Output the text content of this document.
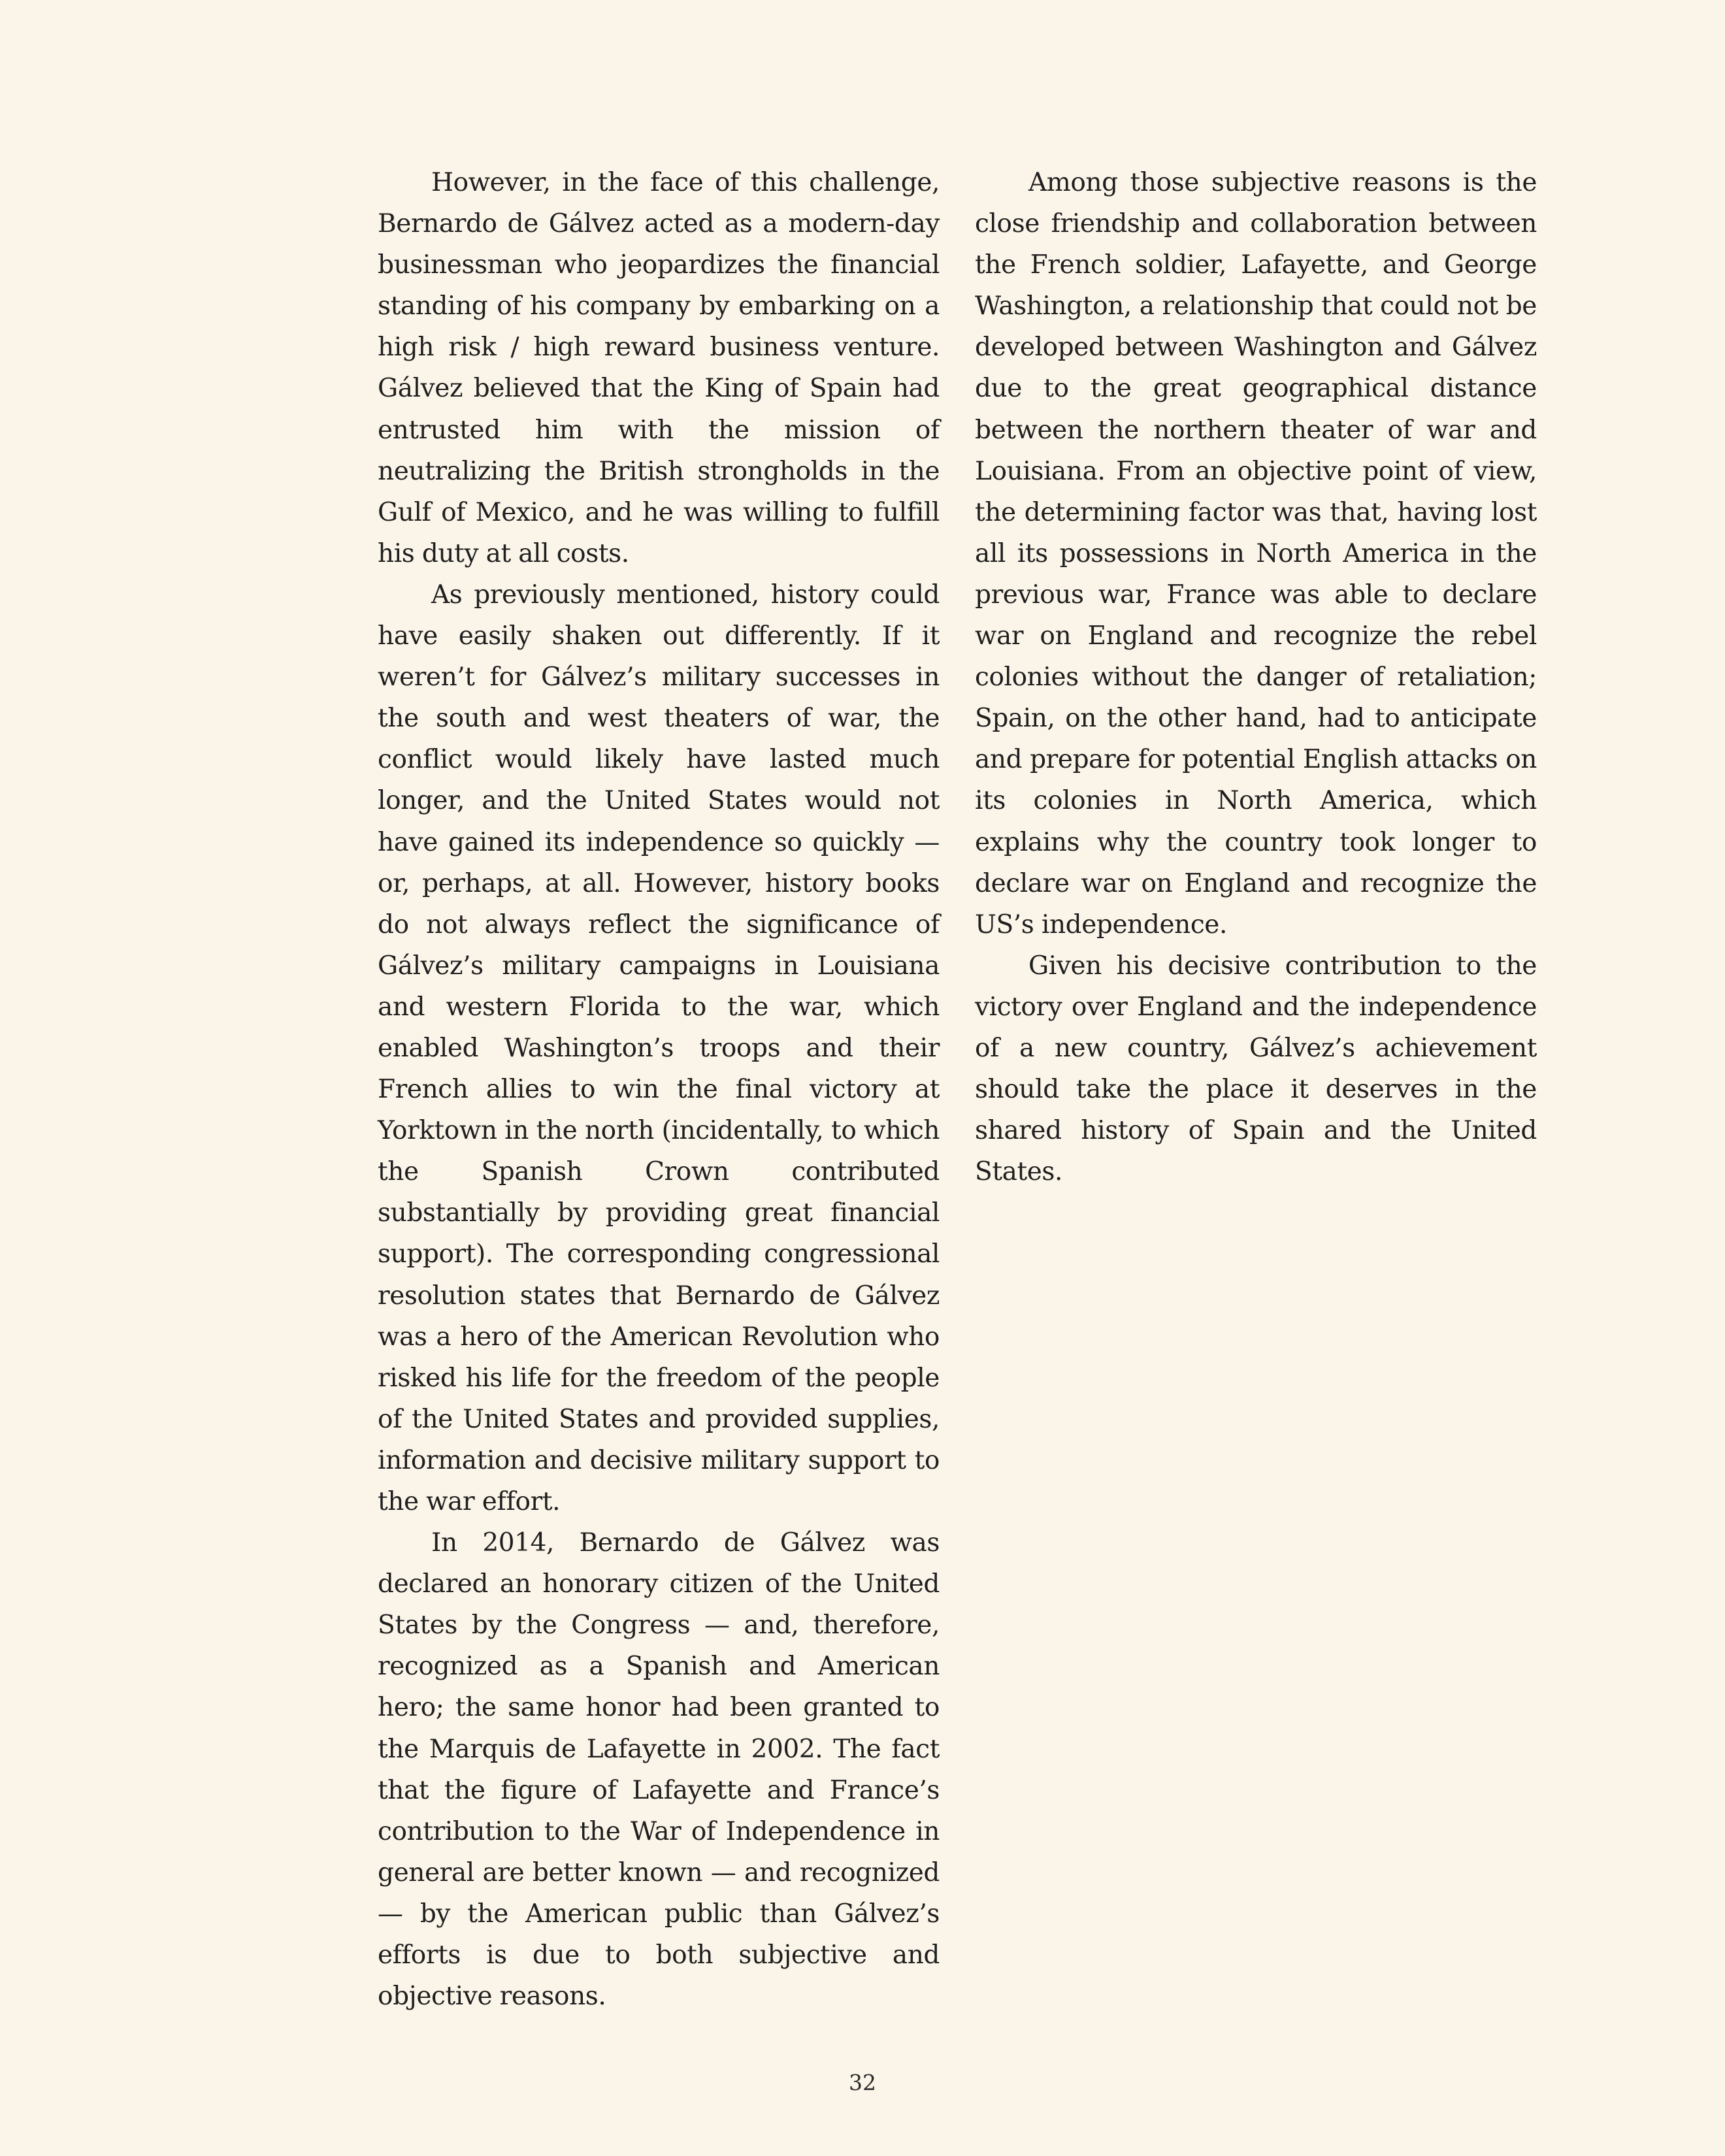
However, in the face of this challenge, Bernardo de Gálvez acted as a modern-day businessman who jeopardizes the financial standing of his company by embarking on a high risk / high reward business venture. Gálvez believed that the King of Spain had entrusted him with the mission of neutralizing the British strongholds in the Gulf of Mexico, and he was willing to fulfill his duty at all costs.

As previously mentioned, history could have easily shaken out differently. If it weren’t for Gálvez’s military successes in the south and west theaters of war, the conflict would likely have lasted much longer, and the United States would not have gained its independence so quickly — or, perhaps, at all. However, history books do not always reflect the significance of Gálvez’s military campaigns in Louisiana and western Florida to the war, which enabled Washington’s troops and their French allies to win the final victory at Yorktown in the north (incidentally, to which the Spanish Crown contributed substantially by providing great financial support). The corresponding congressional resolution states that Bernardo de Gálvez was a hero of the American Revolution who risked his life for the freedom of the people of the United States and provided supplies, information and decisive military support to the war effort.

In 2014, Bernardo de Gálvez was declared an honorary citizen of the United States by the Congress — and, therefore, recognized as a Spanish and American hero; the same honor had been granted to the Marquis de Lafayette in 2002. The fact that the figure of Lafayette and France’s contribution to the War of Independence in general are better known — and recognized — by the American public than Gálvez’s efforts is due to both subjective and objective reasons.

Among those subjective reasons is the close friendship and collaboration between the French soldier, Lafayette, and George Washington, a relationship that could not be developed between Washington and Gálvez due to the great geographical distance between the northern theater of war and Louisiana. From an objective point of view, the determining factor was that, having lost all its possessions in North America in the previous war, France was able to declare war on England and recognize the rebel colonies without the danger of retaliation; Spain, on the other hand, had to anticipate and prepare for potential English attacks on its colonies in North America, which explains why the country took longer to declare war on England and recognize the US’s independence.

Given his decisive contribution to the victory over England and the independence of a new country, Gálvez’s achievement should take the place it deserves in the shared history of Spain and the United States.

32
